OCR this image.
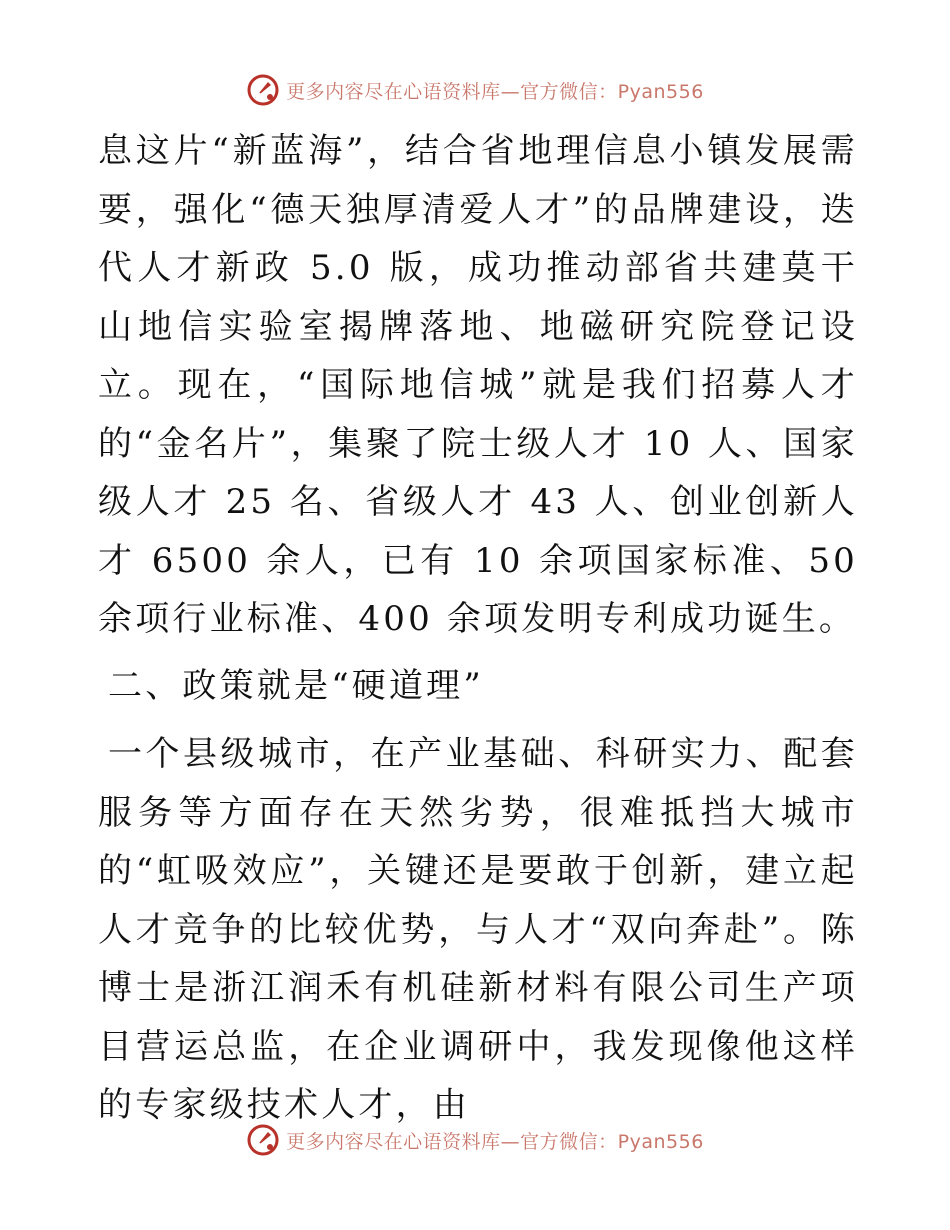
更多内容尽在心语资料库—官方微信：Pyan556

息这片“新蓝海”，结合省地理信息小镇发展需要，强化“德天独厚清爱人才”的品牌建设，迭代人才新政 5.0 版，成功推动部省共建莫干山地信实验室揭牌落地、地磁研究院登记设立。现在，“国际地信城”就是我们招募人才的“金名片”，集聚了院士级人才 10 人、国家级人才 25 名、省级人才 43 人、创业创新人才 6500 余人，已有 10 余项国家标准、50 余项行业标准、400 余项发明专利成功诞生。

二、政策就是“硬道理”

一个县级城市，在产业基础、科研实力、配套服务等方面存在天然劣势，很难抵挡大城市的“虹吸效应”，关键还是要敢于创新，建立起人才竞争的比较优势，与人才“双向奔赴”。陈博士是浙江润禾有机硅新材料有限公司生产项目营运总监，在企业调研中，我发现像他这样的专家级技术人才，由

更多内容尽在心语资料库—官方微信：Pyan556
